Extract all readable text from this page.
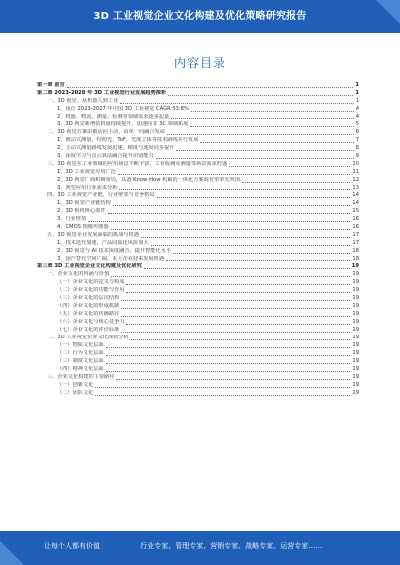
3D 工业视觉企业文化构建及优化策略研究报告
内容目录
第一章 前言	1
第二章 2023-2028 年 3D 工业视觉行业发展趋势探析	1
一、3D 视觉，从机器人到工业	1
1、预计 2023-2027 年中国 3D 工业视觉 CAGR 53.8%	4
2、机器、物流、测量、检测等领域需求逐步起量	4
3、3D 视觉新增装机量持续提升，加速向非 3C 领域拓展	5
二、3D 视觉方案由被动向主动，由单一向融合发展	6
1、被动式测量、结构光、ToF、光度立体等技术路线并行发展	7
2、主动式测量路线发展迅速，精度与速度同步提升	8
3、深度学习与点云算法融合提升识别能力	9
三、3D 视觉在工业领域的应用场景不断丰富，工业检测及测量等场景需求旺盛	10
1、3D 工业视觉应用广泛	11
2、3D 视觉厂商积极布局，具备 Know-How 积累的一体化方案商有望率先突围	12
3、典型应用行业需求分析	13
四、3D 工业视觉产业链，行业壁垒与竞争格局	14
1、3D 视觉产业链结构	14
2、3D 相机核心部件	15
3、行业壁垒	16
4、CMOS 图像传感器	16
五、3D 视觉企业发展面临的挑战与机遇	17
1、技术迭代加速，产品同质化风险加大	17
2、3D 视觉与 AI 技术深度融合，提升智能化水平	18
3、国产替代空间广阔，本土企业迎来发展机遇	18
第三章 3D 工业视觉企业文化构建及优化研究	19
一、企业文化的内涵与价值	19
（一）企业文化的定义与构成	19
（二）企业文化的功能与作用	19
（三）企业文化的层次结构	19
（四）企业文化的形成机制	19
（五）企业文化的传播路径	19
（六）企业文化与核心竞争力	19
（七）企业文化的评价标准	19
二、3D 工业视觉企业文化现状分析	19
（一）物质文化层面	19
（二）行为文化层面	19
（三）制度文化层面	19
（四）精神文化层面	19
三、企业文化构建的主要路径	19
（一）创新文化	19
（二）团队文化	19
让每个人都有价值	行业专家、管理专家、营销专家、战略专家、运营专家……
